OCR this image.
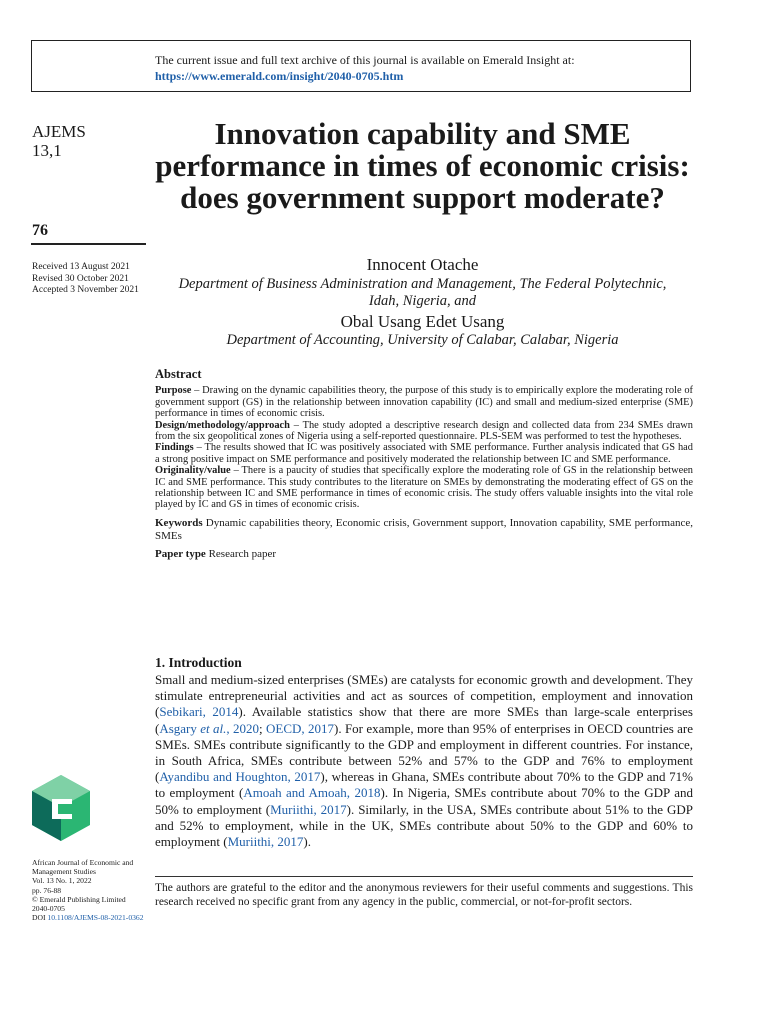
The current issue and full text archive of this journal is available on Emerald Insight at:
https://www.emerald.com/insight/2040-0705.htm
AJEMS
13,1
76
Received 13 August 2021
Revised 30 October 2021
Accepted 3 November 2021
African Journal of Economic and
Management Studies
Vol. 13 No. 1, 2022
pp. 76-88
© Emerald Publishing Limited
2040-0705
DOI 10.1108/AJEMS-08-2021-0362
Innovation capability and SME performance in times of economic crisis: does government support moderate?
Innocent Otache
Department of Business Administration and Management, The Federal Polytechnic,
Idah, Nigeria, and
Obal Usang Edet Usang
Department of Accounting, University of Calabar, Calabar, Nigeria
Abstract

Purpose – Drawing on the dynamic capabilities theory, the purpose of this study is to empirically explore the moderating role of government support (GS) in the relationship between innovation capability (IC) and small and medium-sized enterprise (SME) performance in times of economic crisis.

Design/methodology/approach – The study adopted a descriptive research design and collected data from 234 SMEs drawn from the six geopolitical zones of Nigeria using a self-reported questionnaire. PLS-SEM was performed to test the hypotheses.

Findings – The results showed that IC was positively associated with SME performance. Further analysis indicated that GS had a strong positive impact on SME performance and positively moderated the relationship between IC and SME performance.

Originality/value – There is a paucity of studies that specifically explore the moderating role of GS in the relationship between IC and SME performance. This study contributes to the literature on SMEs by demonstrating the moderating effect of GS on the relationship between IC and SME performance in times of economic crisis. The study offers valuable insights into the vital role played by IC and GS in times of economic crisis.

Keywords Dynamic capabilities theory, Economic crisis, Government support, Innovation capability, SME performance, SMEs

Paper type Research paper

1. Introduction

Small and medium-sized enterprises (SMEs) are catalysts for economic growth and development. They stimulate entrepreneurial activities and act as sources of competition, employment and innovation (Sebikari, 2014). Available statistics show that there are more SMEs than large-scale enterprises (Asgary et al., 2020; OECD, 2017). For example, more than 95% of enterprises in OECD countries are SMEs. SMEs contribute significantly to the GDP and employment in different countries. For instance, in South Africa, SMEs contribute between 52% and 57% to the GDP and 76% to employment (Ayandibu and Houghton, 2017), whereas in Ghana, SMEs contribute about 70% to the GDP and 71% to employment (Amoah and Amoah, 2018). In Nigeria, SMEs contribute about 70% to the GDP and 50% to employment (Muriithi, 2017). Similarly, in the USA, SMEs contribute about 51% to the GDP and 52% to employment, while in the UK, SMEs contribute about 50% to the GDP and 60% to employment (Muriithi, 2017).

The authors are grateful to the editor and the anonymous reviewers for their useful comments and suggestions. This research received no specific grant from any agency in the public, commercial, or not-for-profit sectors.
